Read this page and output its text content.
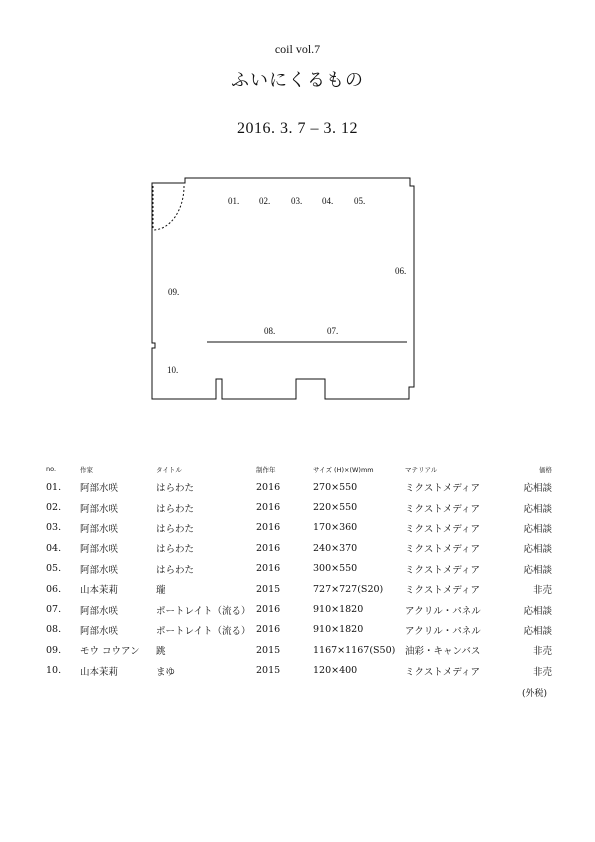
coil vol.7
ふいにくるもの
2016. 3. 7 – 3. 12
01. 02. 03. 04. 05.
06.
07.
08.
09.
10.
no.	作家	タイトル	制作年	サイズ (H)×(W)mm	マテリアル	価格
01.	阿部水咲	はらわた	2016	270×550	ミクストメディア	応相談
02.	阿部水咲	はらわた	2016	220×550	ミクストメディア	応相談
03.	阿部水咲	はらわた	2016	170×360	ミクストメディア	応相談
04.	阿部水咲	はらわた	2016	240×370	ミクストメディア	応相談
05.	阿部水咲	はらわた	2016	300×550	ミクストメディア	応相談
06.	山本茉莉	瓏	2015	727×727(S20)	ミクストメディア	非売
07.	阿部水咲	ポートレイト（流る）	2016	910×1820	アクリル・パネル	応相談
08.	阿部水咲	ポートレイト（流る）	2016	910×1820	アクリル・パネル	応相談
09.	モウ コウアン	跳	2015	1167×1167(S50)	油彩・キャンバス	非売
10.	山本茉莉	まゆ	2015	120×400	ミクストメディア	非売
(外税)
